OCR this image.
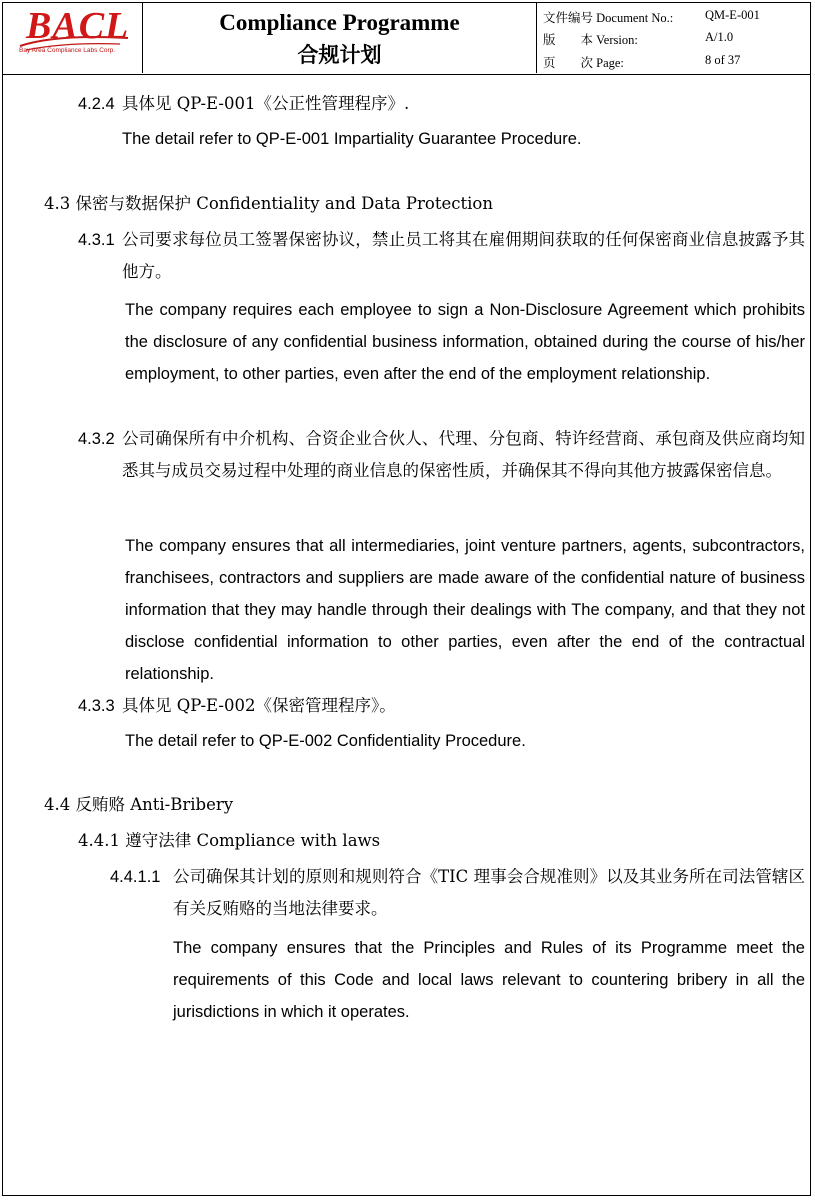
BACL
Bay Area Compliance Labs Corp.
Compliance Programme
合规计划
文件编号 Document No.:	QM-E-001
版　　本 Version:	A/1.0
页　　次 Page:	8 of 37
4.2.4 具体见 QP-E-001《公正性管理程序》.
The detail refer to QP-E-001 Impartiality Guarantee Procedure.
4.3 保密与数据保护 Confidentiality and Data Protection
4.3.1 公司要求每位员工签署保密协议，禁止员工将其在雇佣期间获取的任何保密商业信息披露予其他方。
The company requires each employee to sign a Non-Disclosure Agreement which prohibits the disclosure of any confidential business information, obtained during the course of his/her employment, to other parties, even after the end of the employment relationship.
4.3.2 公司确保所有中介机构、合资企业合伙人、代理、分包商、特许经营商、承包商及供应商均知悉其与成员交易过程中处理的商业信息的保密性质，并确保其不得向其他方披露保密信息。
The company ensures that all intermediaries, joint venture partners, agents, subcontractors, franchisees, contractors and suppliers are made aware of the confidential nature of business information that they may handle through their dealings with The company, and that they not disclose confidential information to other parties, even after the end of the contractual relationship.
4.3.3 具体见 QP-E-002《保密管理程序》。
The detail refer to QP-E-002 Confidentiality Procedure.
4.4 反贿赂 Anti-Bribery
4.4.1 遵守法律 Compliance with laws
4.4.1.1 公司确保其计划的原则和规则符合《TIC 理事会合规准则》以及其业务所在司法管辖区有关反贿赂的当地法律要求。
The company ensures that the Principles and Rules of its Programme meet the requirements of this Code and local laws relevant to countering bribery in all the jurisdictions in which it operates.
